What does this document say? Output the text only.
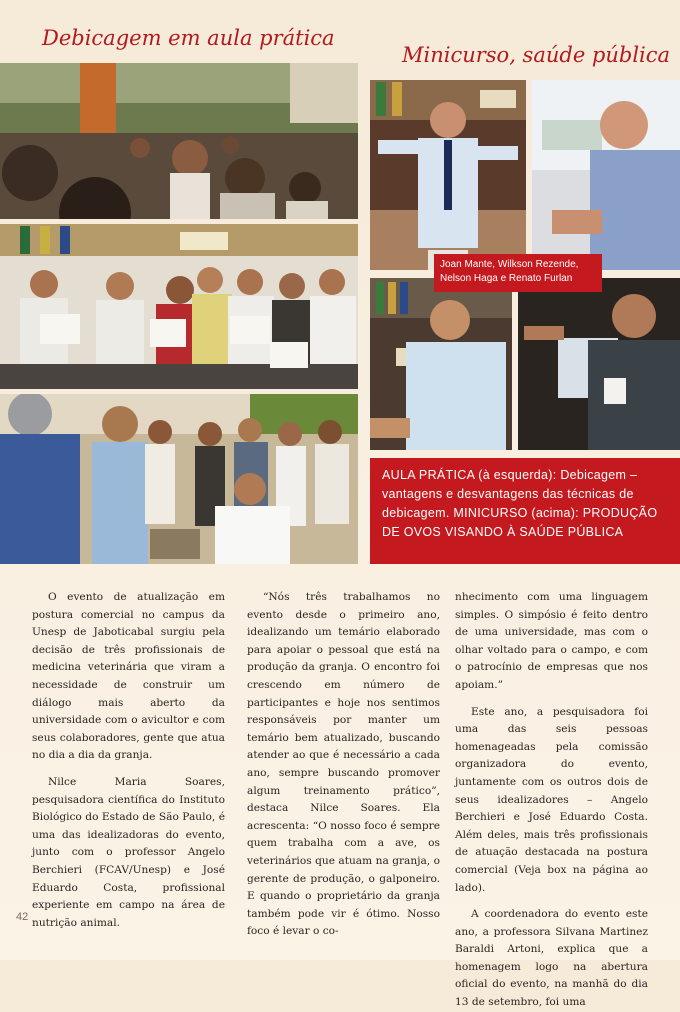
Debicagem em aula prática
Minicurso, saúde pública
Joan Mante, Wilkson Rezende,
Nelson Haga e Renato Furlan
AULA PRÁTICA (à esquerda): Debicagem – vantagens e desvantagens das técnicas de debicagem. MINICURSO (acima): PRODUÇÃO DE OVOS VISANDO À SAÚDE PÚBLICA

O evento de atualização em postura comercial no campus da Unesp de Jaboticabal surgiu pela decisão de três profissionais de medicina veterinária que viram a necessidade de construir um diálogo mais aberto da universidade com o avicultor e com seus colaboradores, gente que atua no dia a dia da granja.

Nilce Maria Soares, pesquisadora científica do Instituto Biológico do Estado de São Paulo, é uma das idealizadoras do evento, junto com o professor Angelo Berchieri (FCAV/Unesp) e José Eduardo Costa, profissional experiente em campo na área de nutrição animal.

“Nós três trabalhamos no evento desde o primeiro ano, idealizando um temário elaborado para apoiar o pessoal que está na produção da granja. O encontro foi crescendo em número de participantes e hoje nos sentimos responsáveis por manter um temário bem atualizado, buscando atender ao que é necessário a cada ano, sempre buscando promover algum treinamento prático”, destaca Nilce Soares. Ela acrescenta: “O nosso foco é sempre quem trabalha com a ave, os veterinários que atuam na granja, o gerente de produção, o galponeiro. E quando o proprietário da granja também pode vir é ótimo. Nosso foco é levar o co-

nhecimento com uma linguagem simples. O simpósio é feito dentro de uma universidade, mas com o olhar voltado para o campo, e com o patrocínio de empresas que nos apoiam.”

Este ano, a pesquisadora foi uma das seis pessoas homenageadas pela comissão organizadora do evento, juntamente com os outros dois de seus idealizadores – Angelo Berchieri e José Eduardo Costa. Além deles, mais três profissionais de atuação destacada na postura comercial (Veja box na página ao lado).

A coordenadora do evento este ano, a professora Silvana Martinez Baraldi Artoni, explica que a homenagem logo na abertura oficial do evento, na manhã do dia 13 de setembro, foi uma

42
